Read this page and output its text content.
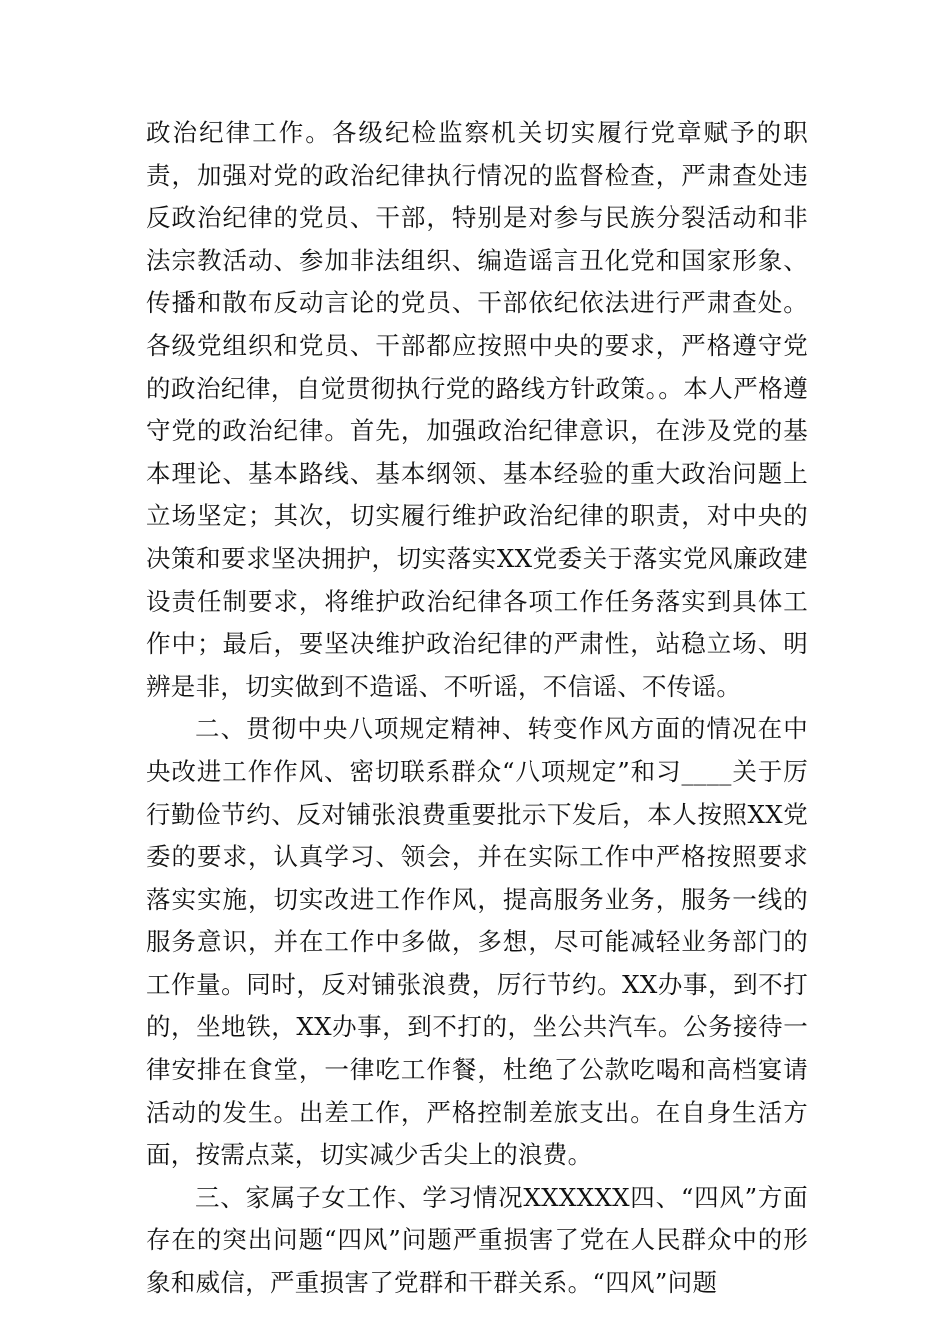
政治纪律工作。各级纪检监察机关切实履行党章赋予的职责，加强对党的政治纪律执行情况的监督检查，严肃查处违反政治纪律的党员、干部，特别是对参与民族分裂活动和非法宗教活动、参加非法组织、编造谣言丑化党和国家形象、传播和散布反动言论的党员、干部依纪依法进行严肃查处。各级党组织和党员、干部都应按照中央的要求，严格遵守党的政治纪律，自觉贯彻执行党的路线方针政策。。本人严格遵守党的政治纪律。首先，加强政治纪律意识，在涉及党的基本理论、基本路线、基本纲领、基本经验的重大政治问题上立场坚定；其次，切实履行维护政治纪律的职责，对中央的决策和要求坚决拥护，切实落实XX党委关于落实党风廉政建设责任制要求，将维护政治纪律各项工作任务落实到具体工作中；最后，要坚决维护政治纪律的严肃性，站稳立场、明辨是非，切实做到不造谣、不听谣，不信谣、不传谣。

二、贯彻中央八项规定精神、转变作风方面的情况在中央改进工作作风、密切联系群众“八项规定”和习____关于厉行勤俭节约、反对铺张浪费重要批示下发后，本人按照XX党委的要求，认真学习、领会，并在实际工作中严格按照要求落实实施，切实改进工作作风，提高服务业务，服务一线的服务意识，并在工作中多做，多想，尽可能减轻业务部门的工作量。同时，反对铺张浪费，厉行节约。XX办事，到不打的，坐地铁，XX办事，到不打的，坐公共汽车。公务接待一律安排在食堂，一律吃工作餐，杜绝了公款吃喝和高档宴请活动的发生。出差工作，严格控制差旅支出。在自身生活方面，按需点菜，切实减少舌尖上的浪费。

三、家属子女工作、学习情况XXXXXX四、“四风”方面存在的突出问题“四风”问题严重损害了党在人民群众中的形象和威信，严重损害了党群和干群关系。“四风”问题
